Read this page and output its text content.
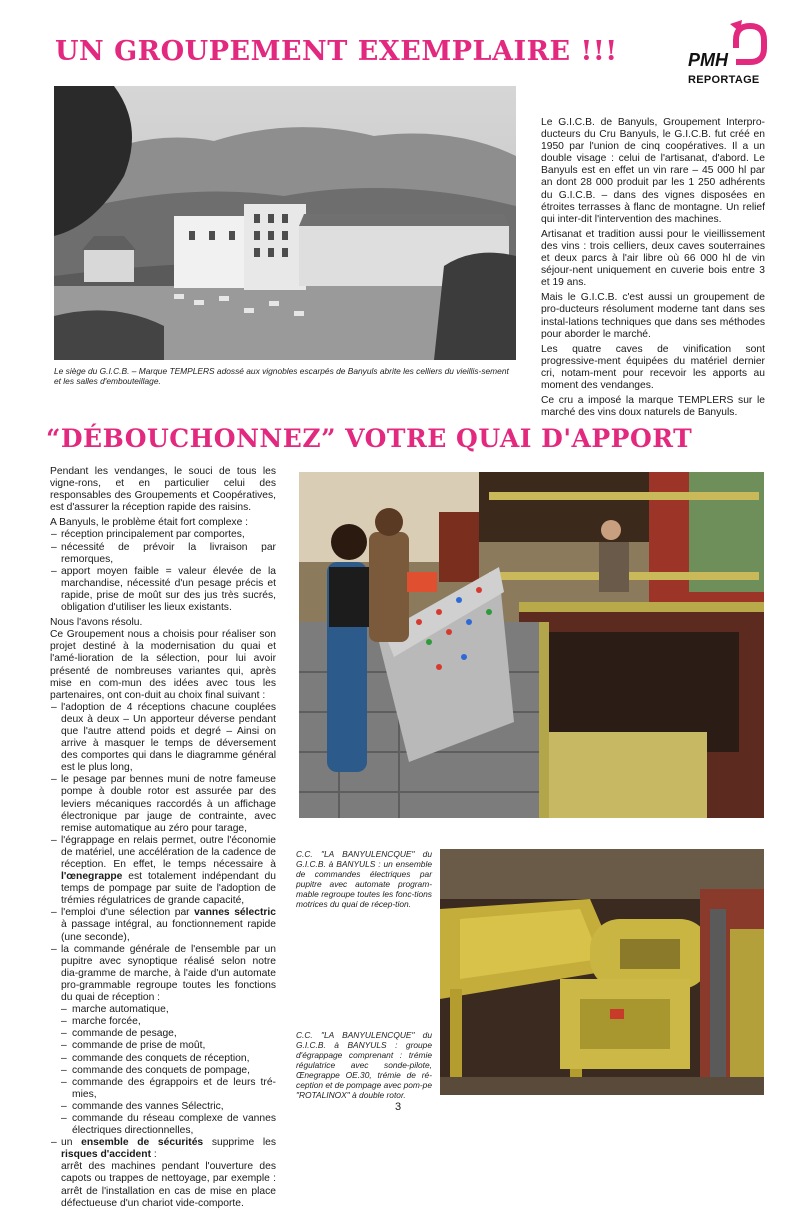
UN GROUPEMENT EXEMPLAIRE !!!	PMH
REPORTAGE
Le siège du G.I.C.B. – Marque TEMPLERS adossé aux vignobles escarpés de Banyuls abrite les celliers du vieillis-sement et les salles d'embouteillage.

Le G.I.C.B. de Banyuls, Groupement Interpro-ducteurs du Cru Banyuls, le G.I.C.B. fut créé en 1950 par l'union de cinq coopératives. Il a un double visage : celui de l'artisanat, d'abord. Le Banyuls est en effet un vin rare – 45 000 hl par an dont 28 000 produit par les 1 250 adhérents du G.I.C.B. – dans des vignes disposées en étroites terrasses à flanc de montagne. Un relief qui inter-dit l'intervention des machines.

Artisanat et tradition aussi pour le vieillissement des vins : trois celliers, deux caves souterraines et deux parcs à l'air libre où 66 000 hl de vin séjour-nent uniquement en cuverie bois entre 3 et 19 ans.

Mais le G.I.C.B. c'est aussi un groupement de pro-ducteurs résolument moderne tant dans ses instal-lations techniques que dans ses méthodes pour aborder le marché.

Les quatre caves de vinification sont progressive-ment équipées du matériel dernier cri, notam-ment pour recevoir les apports au moment des vendanges.

Ce cru a imposé la marque TEMPLERS sur le marché des vins doux naturels de Banyuls.

“DÉBOUCHONNEZ” VOTRE QUAI D'APPORT

Pendant les vendanges, le souci de tous les vigne-rons, et en particulier celui des responsables des Groupements et Coopératives, est d'assurer la réception rapide des raisins.

A Banyuls, le problème était fort complexe :

– réception principalement par comportes,
– nécessité de prévoir la livraison par remorques,
– apport moyen faible = valeur élevée de la marchandise, nécessité d'un pesage précis et rapide, prise de moût sur des jus très sucrés, obligation d'utiliser les lieux existants.

Nous l'avons résolu.

Ce Groupement nous a choisis pour réaliser son projet destiné à la modernisation du quai et l'amé-lioration de la sélection, pour lui avoir présenté de nombreuses variantes qui, après mise en com-mun des idées avec tous les partenaires, ont con-duit au choix final suivant :

– l'adoption de 4 réceptions chacune couplées deux à deux – Un apporteur déverse pendant que l'autre attend poids et degré – Ainsi on arrive à masquer le temps de déversement des comportes qui dans le diagramme général est le plus long,
– le pesage par bennes muni de notre fameuse pompe à double rotor est assurée par des leviers mécaniques raccordés à un affichage électronique par jauge de contrainte, avec remise automatique au zéro pour tarage,
– l'égrappage en relais permet, outre l'économie de matériel, une accélération de la cadence de réception. En effet, le temps nécessaire à l'œnegrappe est totalement indépendant du temps de pompage par suite de l'adoption de trémies régulatrices de grande capacité,
– l'emploi d'une sélection par vannes sélectric à passage intégral, au fonctionnement rapide (une seconde),
– la commande générale de l'ensemble par un pupitre avec synoptique réalisé selon notre dia-gramme de marche, à l'aide d'un automate pro-grammable regroupe toutes les fonctions du quai de réception :
– marche automatique,
– marche forcée,
– commande de pesage,
– commande de prise de moût,
– commande des conquets de réception,
– commande des conquets de pompage,
– commande des égrappoirs et de leurs tré-mies,
– commande des vannes Sélectric,
– commande du réseau complexe de vannes électriques directionnelles,
– un ensemble de sécurités supprime les risques d'accident :
arrêt des machines pendant l'ouverture des capots ou trappes de nettoyage, par exemple : arrêt de l'installation en cas de mise en place défectueuse d'un chariot vide-comporte.
C.C. "LA BANYULENCQUE" du G.I.C.B. à BANYULS : un ensemble de commandes électriques par pupitre avec automate program-mable regroupe toutes les fonc-tions motrices du quai de récep-tion.
C.C. "LA BANYULENCQUE" du G.I.C.B. à BANYULS : groupe d'égrappage comprenant : trémie régulatrice avec sonde-pilote, Œnegrappe OE.30, trémie de ré-ception et de pompage avec pom-pe "ROTALINOX" à double rotor.
3
